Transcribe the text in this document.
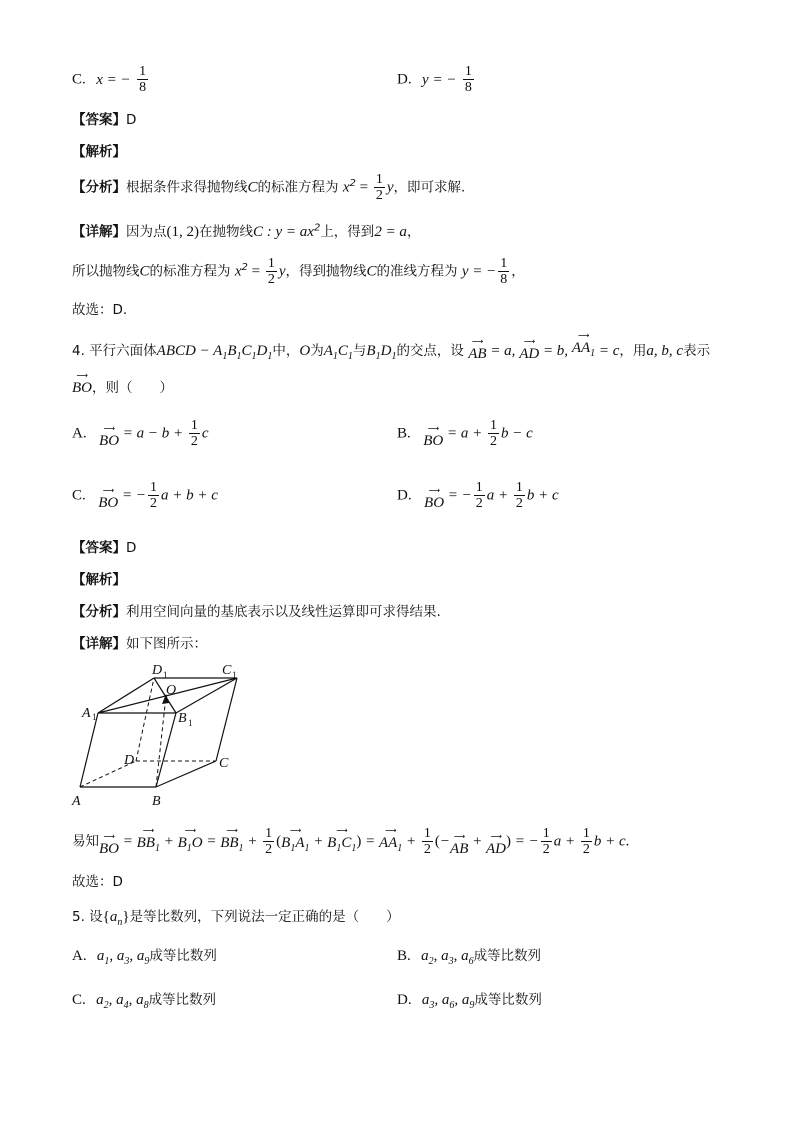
C. x = − $\frac{1}{8}$	D. y = − $\frac{1}{8}$
【答案】D
【解析】
【分析】根据条件求得抛物线C的标准方程为 $x^2 = \frac{1}{2}$ y，即可求解.
【详解】因为点(1, 2)在抛物线C : $y = ax^2$上，得到2 = a，
所以抛物线C的标准方程为 $x^2 = \frac{1}{2}$ y，得到抛物线C的准线方程为 y = − $\frac{1}{8}$ ，
故选：D.
4. 平行六面体ABCD − $A_1B_1C_1D_1$中，O为$A_1C_1$与$B_1D_1$的交点，设
⟶
AB = a,
⟶
AD = b,
⟶
$AA_1 = c$，用a, b, c表示
⟶
BO ，则（　　）
A. ⟶
BO = $a - b + \frac{1}{2}$ c	B. ⟶
BO = $a + \frac{1}{2}$ b − c
C. ⟶
BO = − $\frac{1}{2}$ a + b + c	D. ⟶
BO = − $\frac{1}{2}$ $a + \frac{1}{2}$ b + c
【答案】D
【解析】
【分析】利用空间向量的基底表示以及线性运算即可求得结果.
【详解】如下图所示：
A	B
C
D
A	B
C
D
O
1
1
1
1
易知 ⟶
BO =
⟶
$BB_1$ +
⟶
$B_1O$ =
⟶
$BB_1 + \frac{1}{2}$ (
⟶
$B_1A_1$ +
⟶
$B_1C_1$ ) =
⟶
$AA_1 + \frac{1}{2}$ (− ⟶
AB + ⟶
AD ) = − $\frac{1}{2}$ $a + \frac{1}{2}$ b + c.
故选：D
5. 设$\{a_n\}$是等比数列，下列说法一定正确的是（　　）
A. $a_1$, $a_3$, $a_9$成等比数列	B. $a_2$, $a_3$, $a_6$成等比数列
C. $a_2$, $a_4$, $a_8$成等比数列	D. $a_3$, $a_6$, $a_9$成等比数列
